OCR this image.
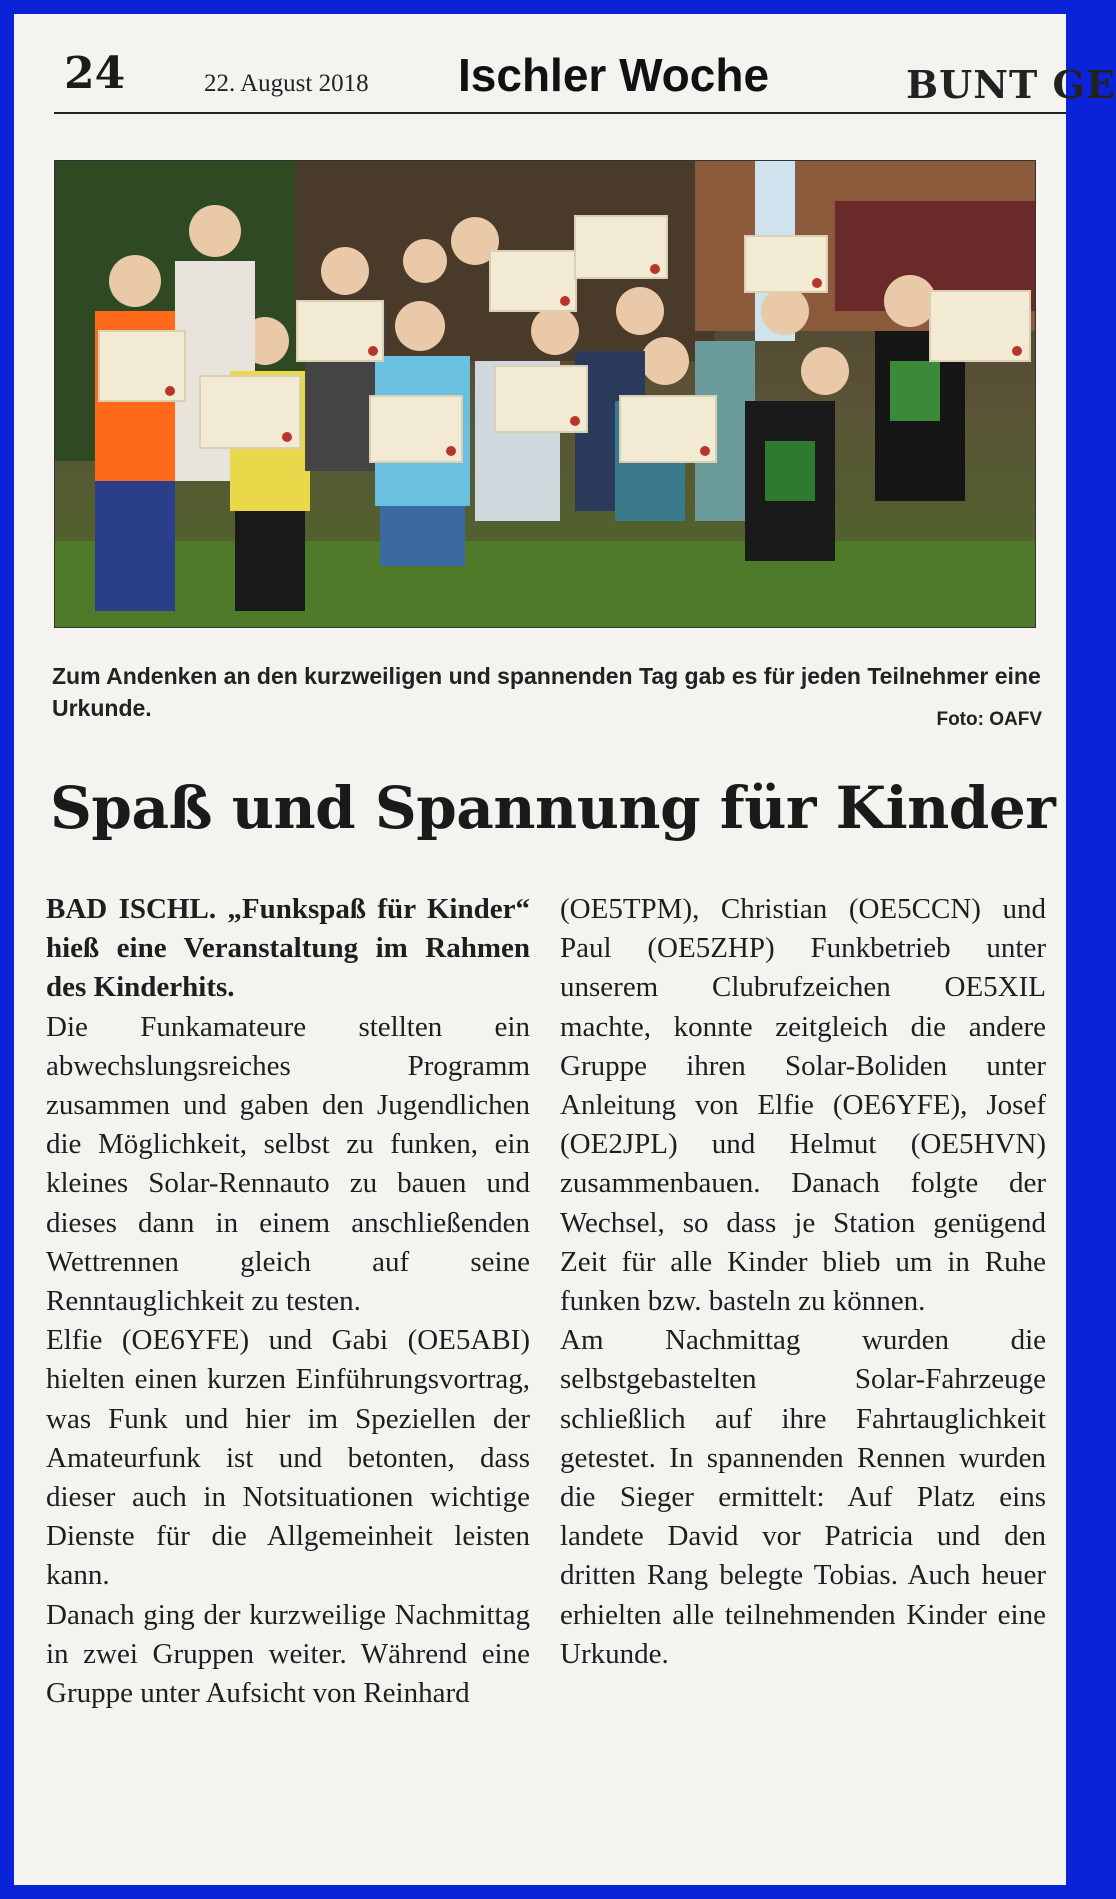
24	22. August 2018 Ischler Woche	BUNT GE
Zum Andenken an den kurzweiligen und spannenden Tag gab es für jeden Teilnehmer eine Urkunde.	Foto: OAFV
Spaß und Spannung für Kinder

BAD ISCHL. „Funkspaß für Kinder“ hieß eine Veranstaltung im Rahmen des Kinderhits.

Die Funkamateure stellten ein abwechslungsreiches Programm zusammen und gaben den Jugendlichen die Möglichkeit, selbst zu funken, ein kleines Solar-Rennauto zu bauen und dieses dann in einem anschließenden Wettrennen gleich auf seine Renntauglichkeit zu testen.

Elfie (OE6YFE) und Gabi (OE5ABI) hielten einen kurzen Einführungsvortrag, was Funk und hier im Speziellen der Amateurfunk ist und betonten, dass dieser auch in Notsituationen wichtige Dienste für die Allgemeinheit leisten kann.

Danach ging der kurzweilige Nachmittag in zwei Gruppen weiter. Während eine Gruppe unter Aufsicht von Reinhard

(OE5TPM), Christian (OE5CCN) und Paul (OE5ZHP) Funkbetrieb unter unserem Clubrufzeichen OE5XIL machte, konnte zeitgleich die andere Gruppe ihren Solar-Boliden unter Anleitung von Elfie (OE6YFE), Josef (OE2JPL) und Helmut (OE5HVN) zusammenbauen. Danach folgte der Wechsel, so dass je Station genügend Zeit für alle Kinder blieb um in Ruhe funken bzw. basteln zu können.

Am Nachmittag wurden die selbstgebastelten Solar-Fahrzeuge schließlich auf ihre Fahrtauglichkeit getestet. In spannenden Rennen wurden die Sieger ermittelt: Auf Platz eins landete David vor Patricia und den dritten Rang belegte Tobias. Auch heuer erhielten alle teilnehmenden Kinder eine Urkunde.
